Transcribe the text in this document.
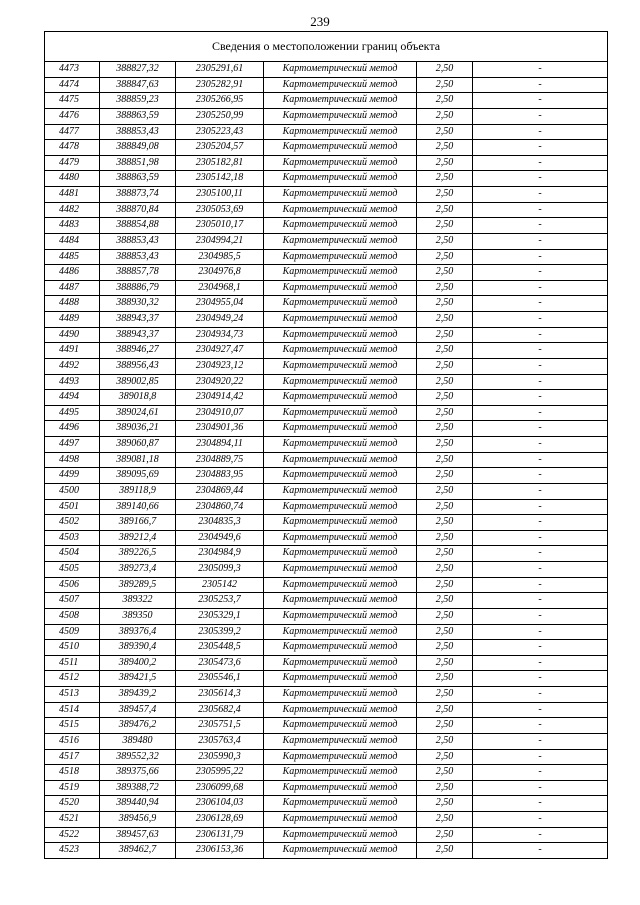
239
Сведения о местоположении границ объекта					
4473	388827,32	2305291,61	Картометрический метод	2,50	-
4474	388847,63	2305282,91	Картометрический метод	2,50	-
4475	388859,23	2305266,95	Картометрический метод	2,50	-
4476	388863,59	2305250,99	Картометрический метод	2,50	-
4477	388853,43	2305223,43	Картометрический метод	2,50	-
4478	388849,08	2305204,57	Картометрический метод	2,50	-
4479	388851,98	2305182,81	Картометрический метод	2,50	-
4480	388863,59	2305142,18	Картометрический метод	2,50	-
4481	388873,74	2305100,11	Картометрический метод	2,50	-
4482	388870,84	2305053,69	Картометрический метод	2,50	-
4483	388854,88	2305010,17	Картометрический метод	2,50	-
4484	388853,43	2304994,21	Картометрический метод	2,50	-
4485	388853,43	2304985,5	Картометрический метод	2,50	-
4486	388857,78	2304976,8	Картометрический метод	2,50	-
4487	388886,79	2304968,1	Картометрический метод	2,50	-
4488	388930,32	2304955,04	Картометрический метод	2,50	-
4489	388943,37	2304949,24	Картометрический метод	2,50	-
4490	388943,37	2304934,73	Картометрический метод	2,50	-
4491	388946,27	2304927,47	Картометрический метод	2,50	-
4492	388956,43	2304923,12	Картометрический метод	2,50	-
4493	389002,85	2304920,22	Картометрический метод	2,50	-
4494	389018,8	2304914,42	Картометрический метод	2,50	-
4495	389024,61	2304910,07	Картометрический метод	2,50	-
4496	389036,21	2304901,36	Картометрический метод	2,50	-
4497	389060,87	2304894,11	Картометрический метод	2,50	-
4498	389081,18	2304889,75	Картометрический метод	2,50	-
4499	389095,69	2304883,95	Картометрический метод	2,50	-
4500	389118,9	2304869,44	Картометрический метод	2,50	-
4501	389140,66	2304860,74	Картометрический метод	2,50	-
4502	389166,7	2304835,3	Картометрический метод	2,50	-
4503	389212,4	2304949,6	Картометрический метод	2,50	-
4504	389226,5	2304984,9	Картометрический метод	2,50	-
4505	389273,4	2305099,3	Картометрический метод	2,50	-
4506	389289,5	2305142	Картометрический метод	2,50	-
4507	389322	2305253,7	Картометрический метод	2,50	-
4508	389350	2305329,1	Картометрический метод	2,50	-
4509	389376,4	2305399,2	Картометрический метод	2,50	-
4510	389390,4	2305448,5	Картометрический метод	2,50	-
4511	389400,2	2305473,6	Картометрический метод	2,50	-
4512	389421,5	2305546,1	Картометрический метод	2,50	-
4513	389439,2	2305614,3	Картометрический метод	2,50	-
4514	389457,4	2305682,4	Картометрический метод	2,50	-
4515	389476,2	2305751,5	Картометрический метод	2,50	-
4516	389480	2305763,4	Картометрический метод	2,50	-
4517	389552,32	2305990,3	Картометрический метод	2,50	-
4518	389375,66	2305995,22	Картометрический метод	2,50	-
4519	389388,72	2306099,68	Картометрический метод	2,50	-
4520	389440,94	2306104,03	Картометрический метод	2,50	-
4521	389456,9	2306128,69	Картометрический метод	2,50	-
4522	389457,63	2306131,79	Картометрический метод	2,50	-
4523	389462,7	2306153,36	Картометрический метод	2,50	-
